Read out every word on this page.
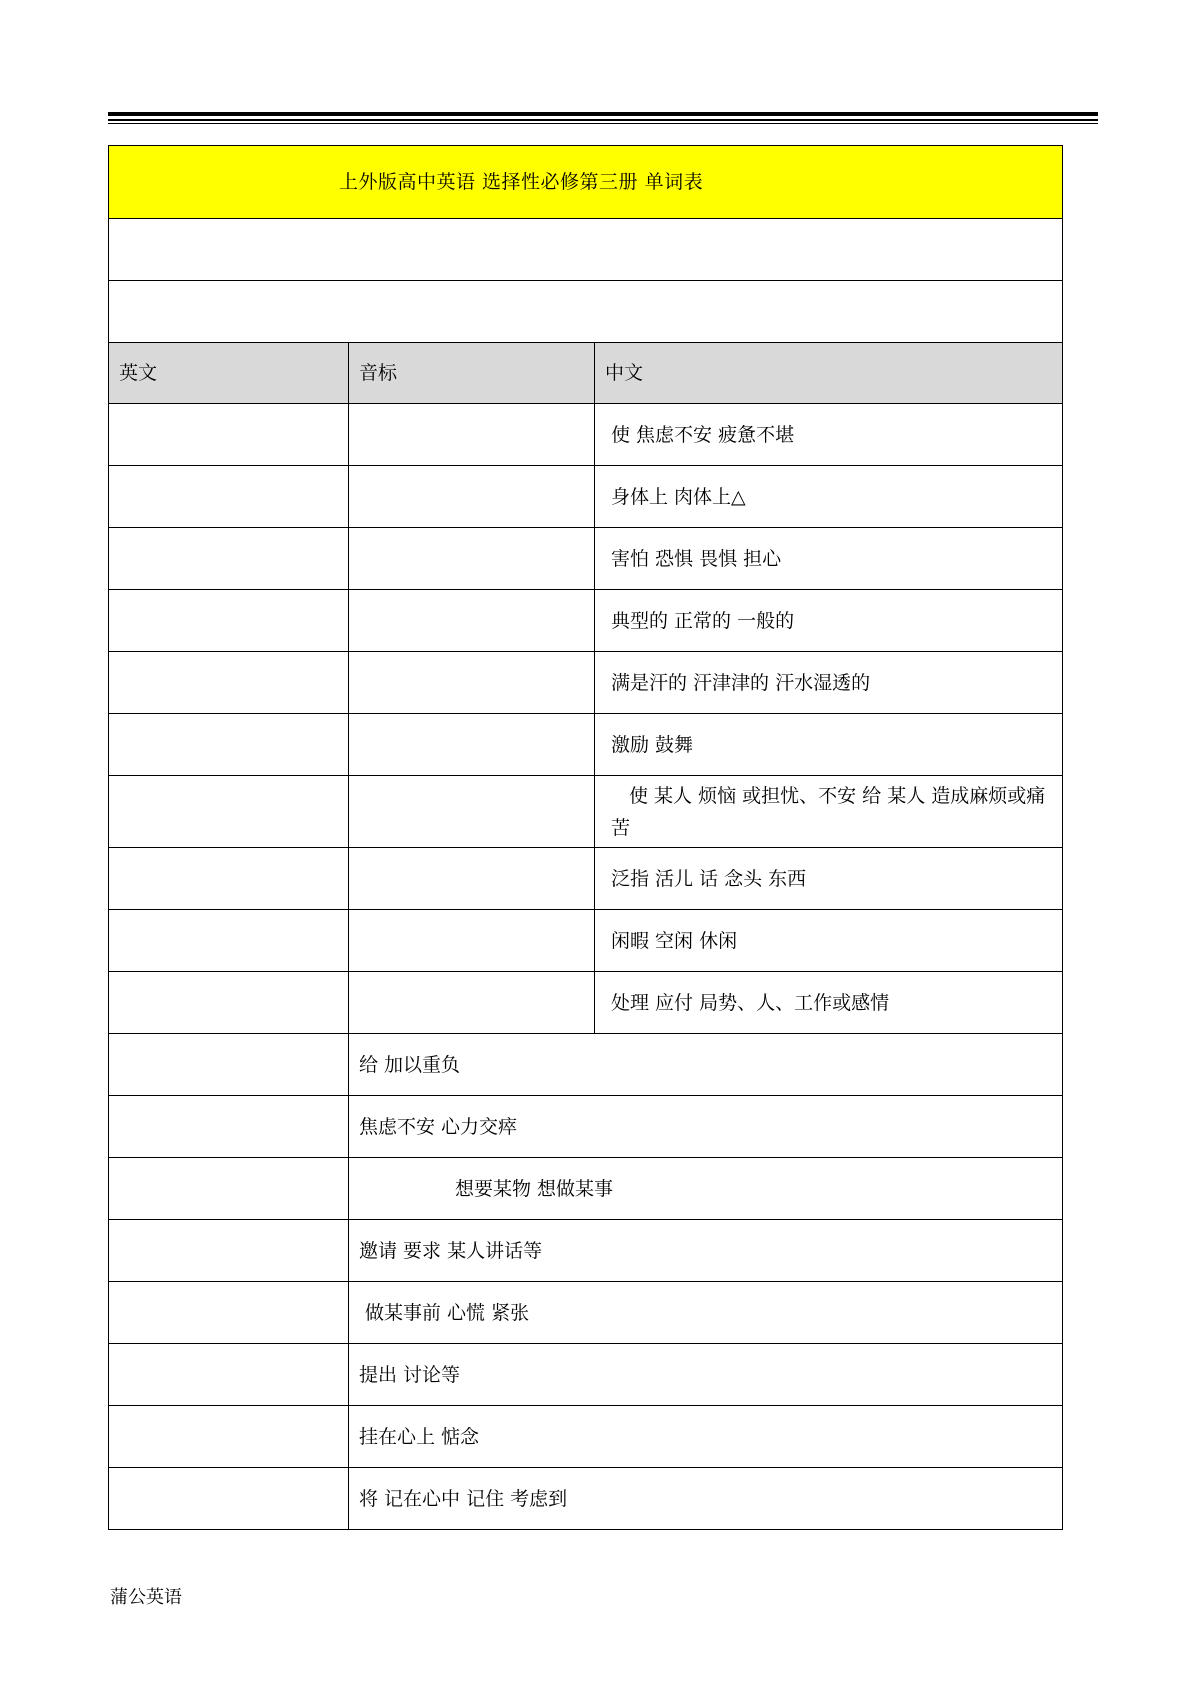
上外版高中英语 选择性必修第三册 单词表		

英文	音标	中文
		使 焦虑不安 疲惫不堪
		身体上 肉体上△
		害怕 恐惧 畏惧 担心
		典型的 正常的 一般的
		满是汗的 汗津津的 汗水湿透的
		激励 鼓舞
		使 某人 烦恼 或担忧、不安 给 某人 造成麻烦或痛苦
		泛指 活儿 话 念头 东西
		闲暇 空闲 休闲
		处理 应付 局势、人、工作或感情
	给 加以重负	
	焦虑不安 心力交瘁	
	想要某物 想做某事	
	邀请 要求 某人讲话等	
	做某事前 心慌 紧张	
	提出 讨论等	
	挂在心上 惦念	
	将 记在心中 记住 考虑到	
蒲公英语
